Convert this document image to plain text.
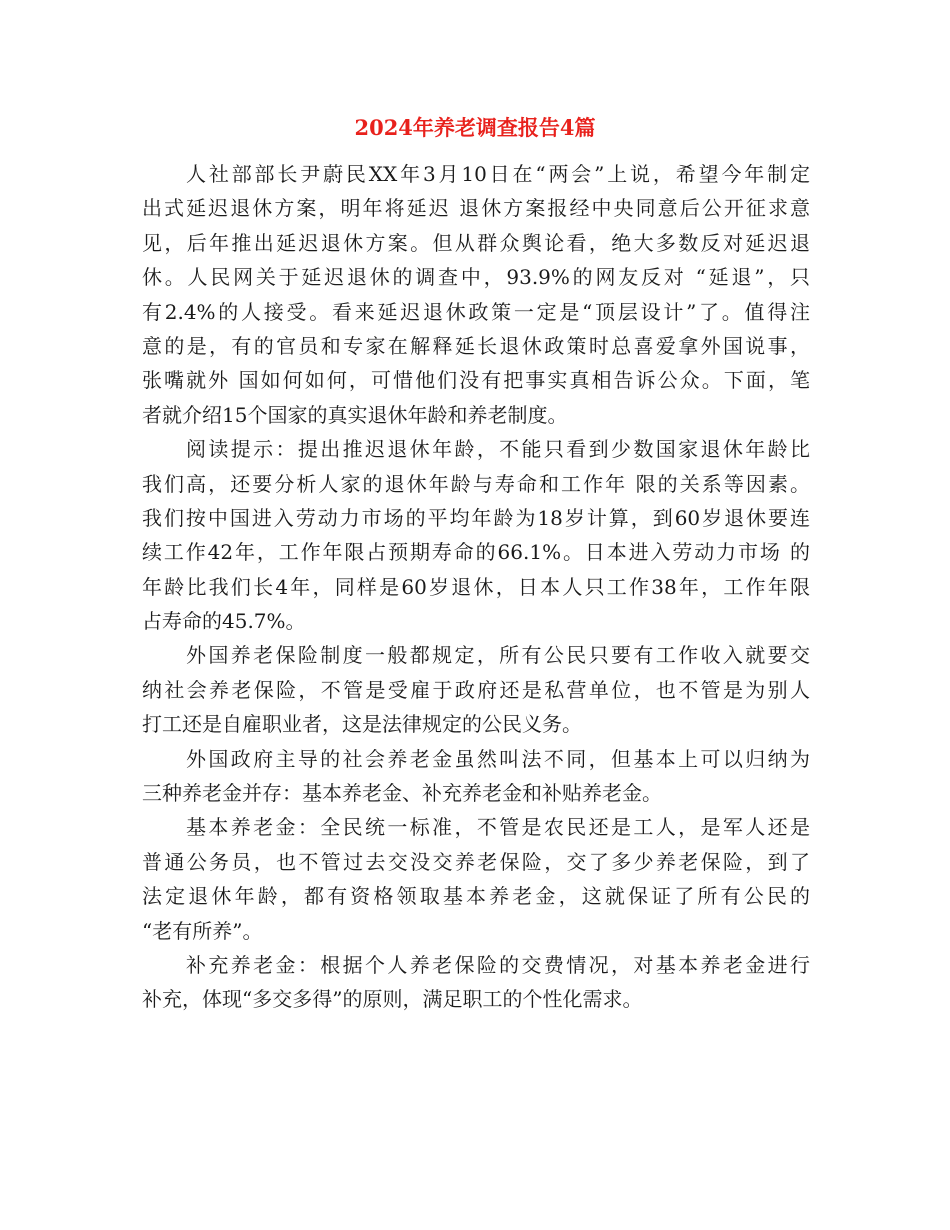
2024年养老调查报告4篇
人社部部长尹蔚民XX年3月10日在“两会”上说，希望今年制定
出式延迟退休方案，明年将延迟 退休方案报经中央同意后公开征求意
见，后年推出延迟退休方案。但从群众舆论看，绝大多数反对延迟退
休。人民网关于延迟退休的调查中，93.9%的网友反对 “延退”，只
有2.4%的人接受。看来延迟退休政策一定是“顶层设计”了。值得注
意的是，有的官员和专家在解释延长退休政策时总喜爱拿外国说事，
张嘴就外 国如何如何，可惜他们没有把事实真相告诉公众。下面，笔
者就介绍15个国家的真实退休年龄和养老制度。
阅读提示：提出推迟退休年龄，不能只看到少数国家退休年龄比
我们高，还要分析人家的退休年龄与寿命和工作年 限的关系等因素。
我们按中国进入劳动力市场的平均年龄为18岁计算，到60岁退休要连
续工作42年，工作年限占预期寿命的66.1%。日本进入劳动力市场 的
年龄比我们长4年，同样是60岁退休，日本人只工作38年，工作年限
占寿命的45.7%。
外国养老保险制度一般都规定，所有公民只要有工作收入就要交
纳社会养老保险，不管是受雇于政府还是私营单位，也不管是为别人
打工还是自雇职业者，这是法律规定的公民义务。
外国政府主导的社会养老金虽然叫法不同，但基本上可以归纳为
三种养老金并存：基本养老金、补充养老金和补贴养老金。
基本养老金：全民统一标准，不管是农民还是工人，是军人还是
普通公务员，也不管过去交没交养老保险，交了多少养老保险，到了
法定退休年龄，都有资格领取基本养老金，这就保证了所有公民的
“老有所养”。
补充养老金：根据个人养老保险的交费情况，对基本养老金进行
补充，体现“多交多得”的原则，满足职工的个性化需求。
